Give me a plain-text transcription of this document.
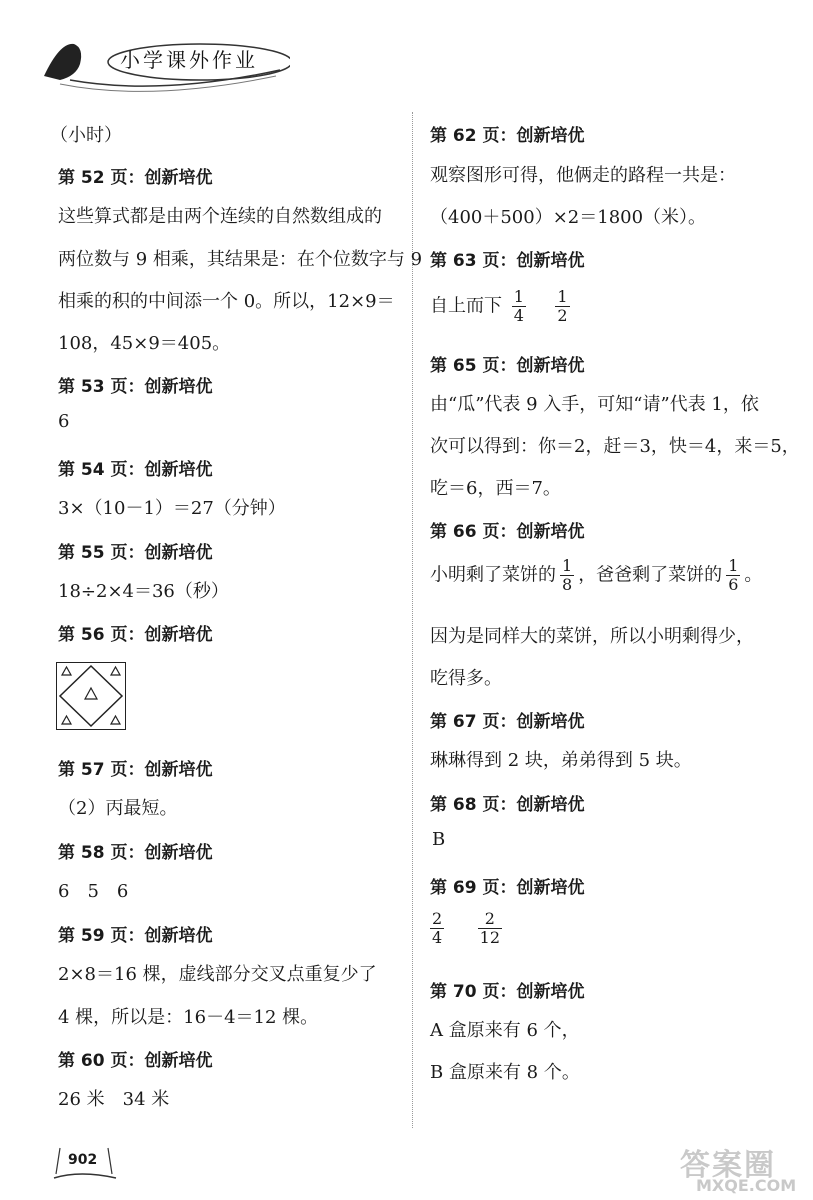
小学课外作业
（小时）
第 52 页：创新培优
这些算式都是由两个连续的自然数组成的
两位数与 9 相乘，其结果是：在个位数字与 9
相乘的积的中间添一个 0。所以，12×9＝
108，45×9＝405。
第 53 页：创新培优
6
第 54 页：创新培优
3×（10－1）＝27（分钟）
第 55 页：创新培优
18÷2×4＝36（秒）
第 56 页：创新培优
第 57 页：创新培优
（2）丙最短。
第 58 页：创新培优
6　5　6
第 59 页：创新培优
2×8＝16 棵，虚线部分交叉点重复少了
4 棵，所以是：16－4＝12 棵。
第 60 页：创新培优
26 米　34 米
第 62 页：创新培优
观察图形可得，他俩走的路程一共是：
（400＋500）×2＝1800（米）。
第 63 页：创新培优
自上而下 $\frac{1}{4}$
$\frac{1}{2}$
第 65 页：创新培优
由“瓜”代表 9 入手，可知“请”代表 1，依
次可以得到：你＝2，赶＝3，快＝4，来＝5，
吃＝6，西＝7。
第 66 页：创新培优
小明剩了菜饼的 $\frac{1}{8}$ ，爸爸剩了菜饼的 $\frac{1}{6}$ 。
因为是同样大的菜饼，所以小明剩得少，
吃得多。
第 67 页：创新培优
琳琳得到 2 块，弟弟得到 5 块。
第 68 页：创新培优
B
第 69 页：创新培优
$\frac{2}{4}$
$\frac{2}{12}$
第 70 页：创新培优
A 盒原来有 6 个，
B 盒原来有 8 个。
902	答案圈
MXQE.COM
